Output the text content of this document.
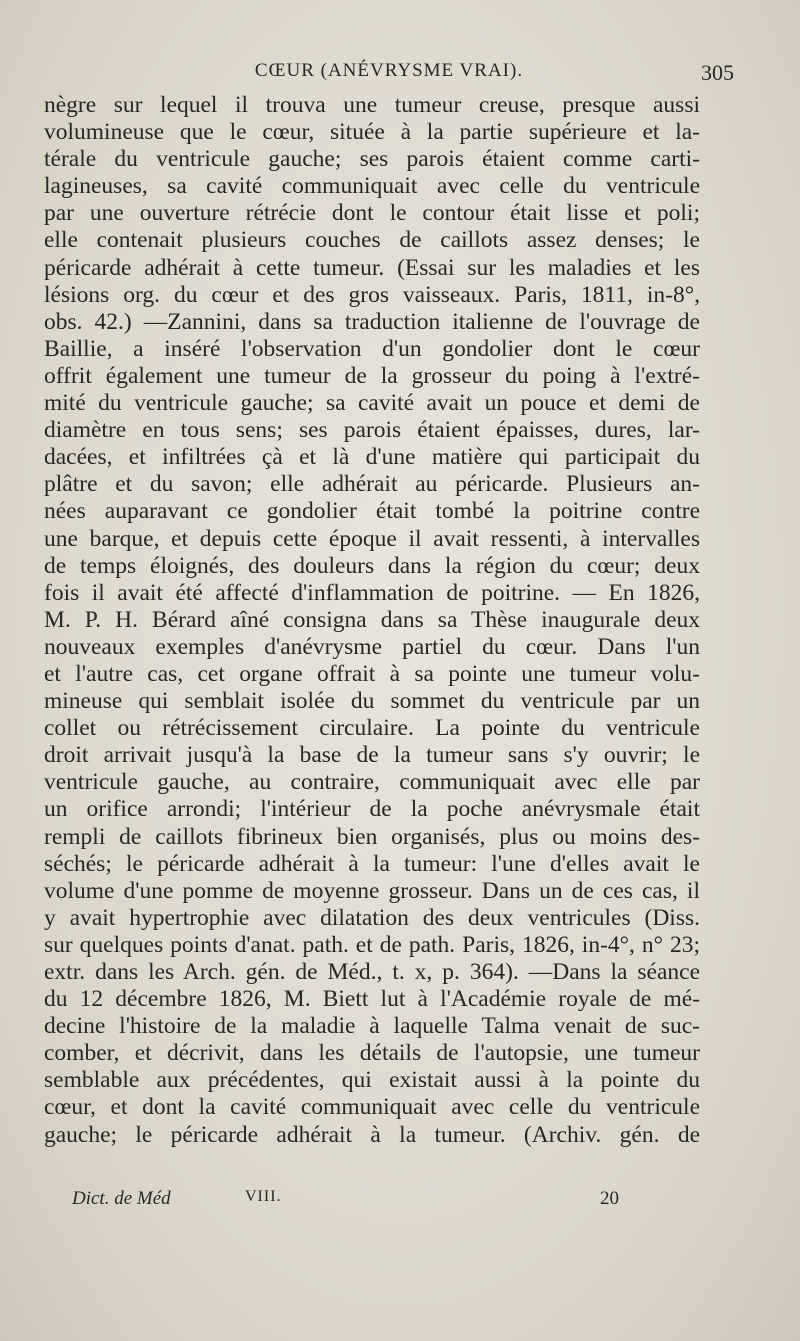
CŒUR (ANÉVRYSME VRAI).	305
nègre sur lequel il trouva une tumeur creuse, presque aussi
volumineuse que le cœur, située à la partie supérieure et la-
térale du ventricule gauche; ses parois étaient comme carti-
lagineuses, sa cavité communiquait avec celle du ventricule
par une ouverture rétrécie dont le contour était lisse et poli;
elle contenait plusieurs couches de caillots assez denses; le
péricarde adhérait à cette tumeur. (Essai sur les maladies et les
lésions org. du cœur et des gros vaisseaux. Paris, 1811, in-8°,
obs. 42.) —Zannini, dans sa traduction italienne de l'ouvrage de
Baillie, a inséré l'observation d'un gondolier dont le cœur
offrit également une tumeur de la grosseur du poing à l'extré-
mité du ventricule gauche; sa cavité avait un pouce et demi de
diamètre en tous sens; ses parois étaient épaisses, dures, lar-
dacées, et infiltrées çà et là d'une matière qui participait du
plâtre et du savon; elle adhérait au péricarde. Plusieurs an-
nées auparavant ce gondolier était tombé la poitrine contre
une barque, et depuis cette époque il avait ressenti, à intervalles
de temps éloignés, des douleurs dans la région du cœur; deux
fois il avait été affecté d'inflammation de poitrine. — En 1826,
M. P. H. Bérard aîné consigna dans sa Thèse inaugurale deux
nouveaux exemples d'anévrysme partiel du cœur. Dans l'un
et l'autre cas, cet organe offrait à sa pointe une tumeur volu-
mineuse qui semblait isolée du sommet du ventricule par un
collet ou rétrécissement circulaire. La pointe du ventricule
droit arrivait jusqu'à la base de la tumeur sans s'y ouvrir; le
ventricule gauche, au contraire, communiquait avec elle par
un orifice arrondi; l'intérieur de la poche anévrysmale était
rempli de caillots fibrineux bien organisés, plus ou moins des-
séchés; le péricarde adhérait à la tumeur: l'une d'elles avait le
volume d'une pomme de moyenne grosseur. Dans un de ces cas, il
y avait hypertrophie avec dilatation des deux ventricules (Diss.
sur quelques points d'anat. path. et de path. Paris, 1826, in-4°, n° 23;
extr. dans les Arch. gén. de Méd., t. x, p. 364). —Dans la séance
du 12 décembre 1826, M. Biett lut à l'Académie royale de mé-
decine l'histoire de la maladie à laquelle Talma venait de suc-
comber, et décrivit, dans les détails de l'autopsie, une tumeur
semblable aux précédentes, qui existait aussi à la pointe du
cœur, et dont la cavité communiquait avec celle du ventricule
gauche; le péricarde adhérait à la tumeur. (Archiv. gén. de
Dict. de Méd	VIII.	20
